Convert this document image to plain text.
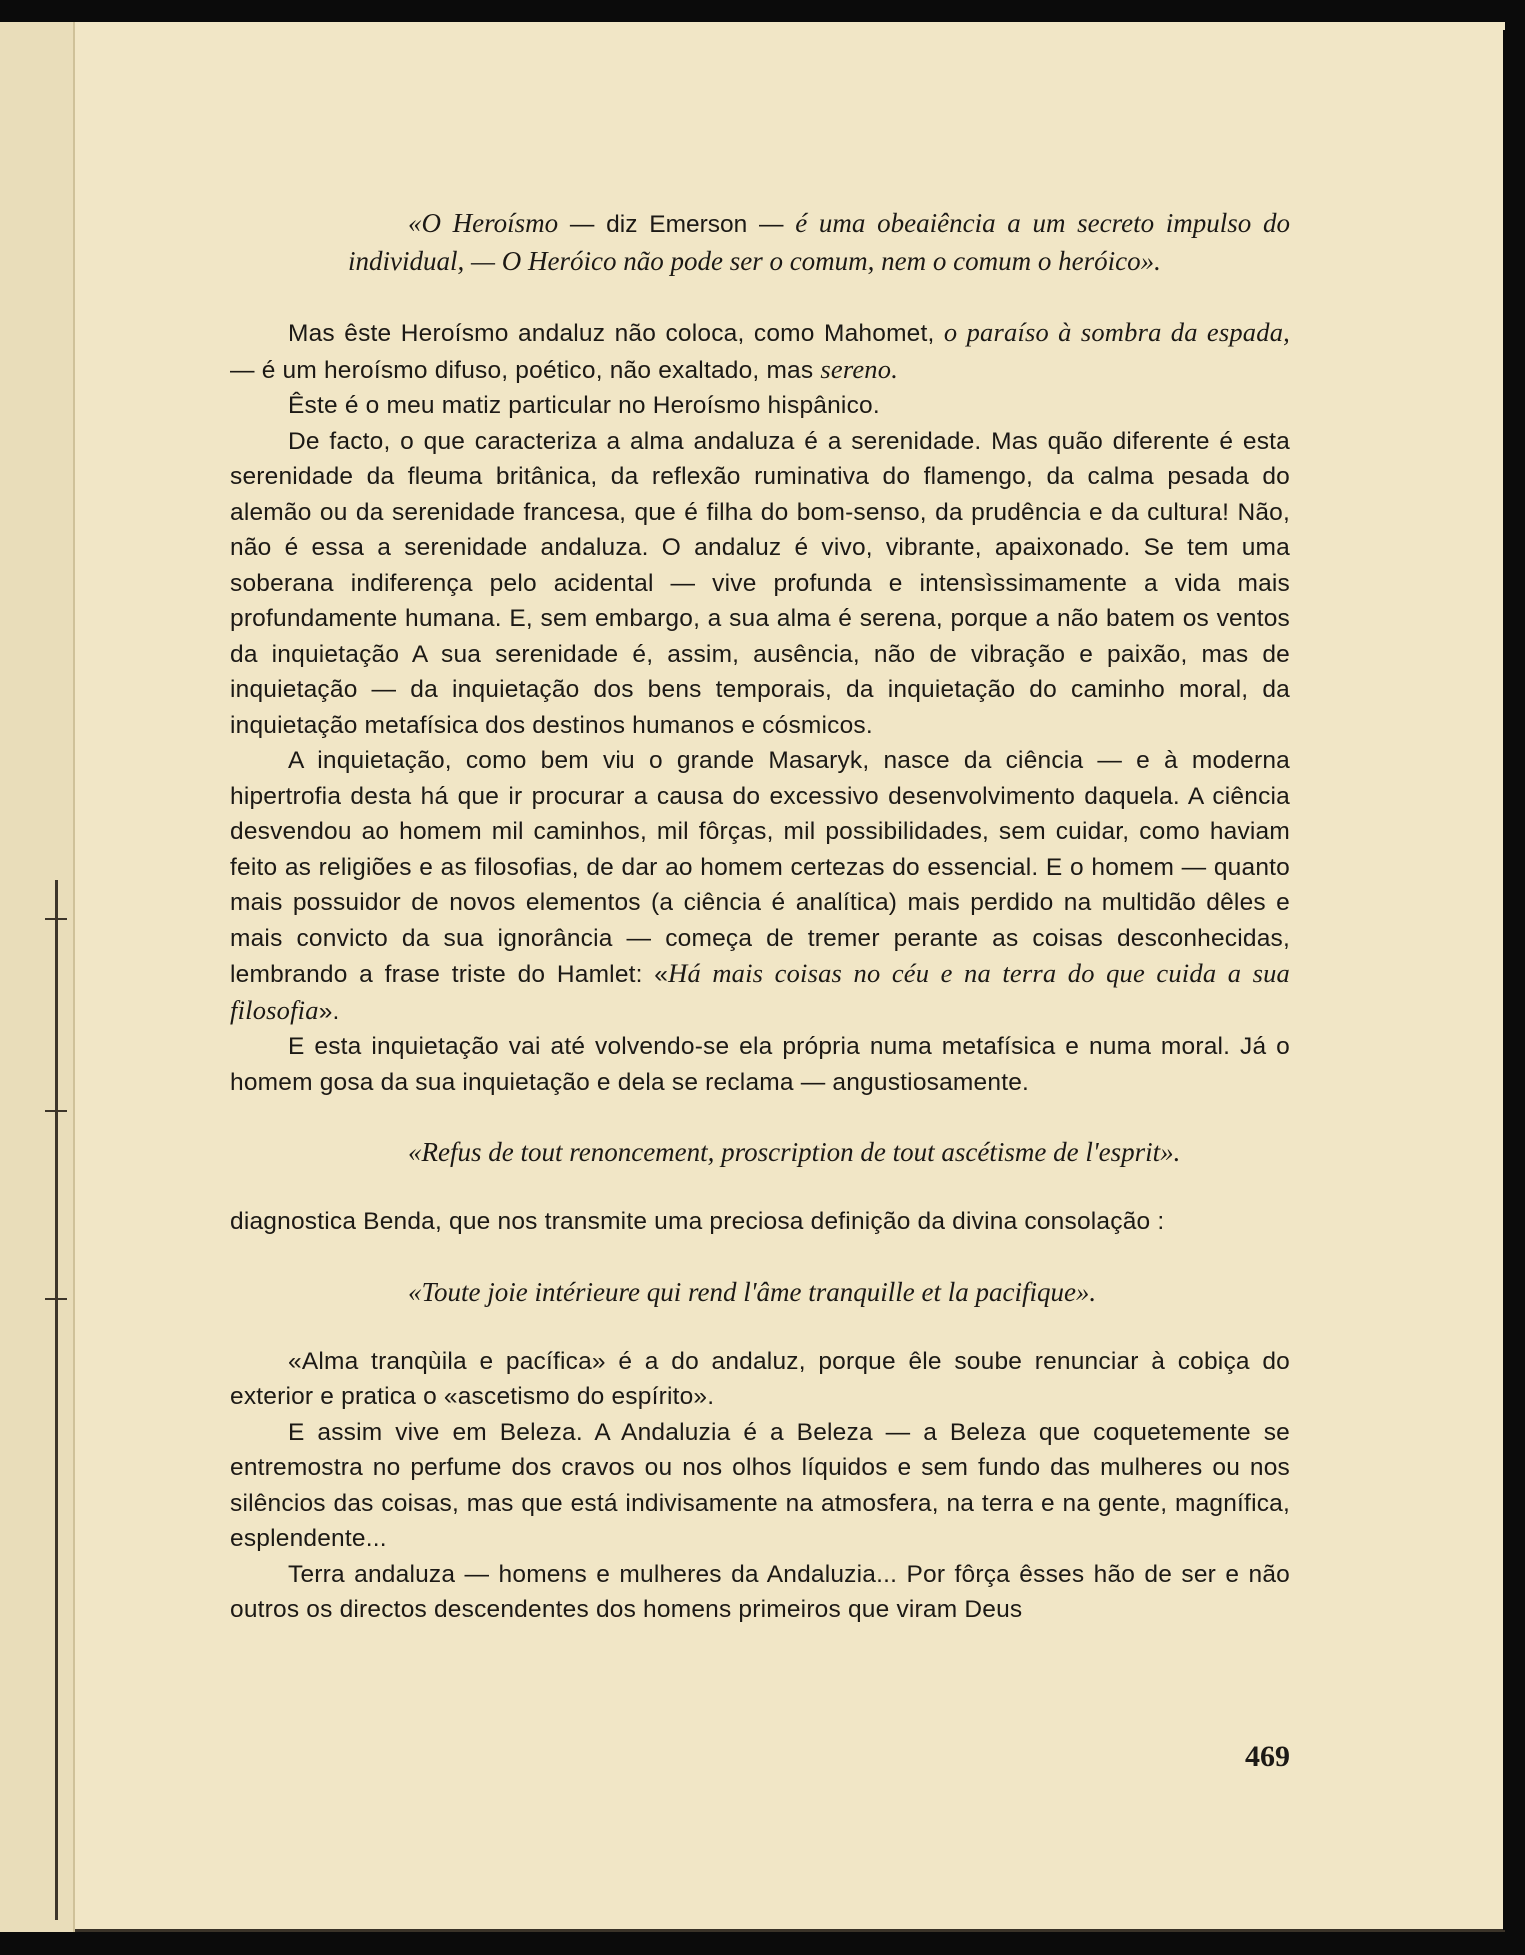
«O Heroísmo — diz Emerson — é uma obeaiência a um secreto impulso do individual, — O Heróico não pode ser o comum, nem o comum o heróico».

Mas êste Heroísmo andaluz não coloca, como Mahomet, o paraíso à sombra da espada, — é um heroísmo difuso, poético, não exaltado, mas sereno.

Êste é o meu matiz particular no Heroísmo hispânico.

De facto, o que caracteriza a alma andaluza é a serenidade. Mas quão diferente é esta serenidade da fleuma britânica, da reflexão ruminativa do flamengo, da calma pesada do alemão ou da serenidade francesa, que é filha do bom-senso, da prudência e da cultura! Não, não é essa a serenidade andaluza. O andaluz é vivo, vibrante, apaixonado. Se tem uma soberana indiferença pelo acidental — vive profunda e intensìssimamente a vida mais profundamente humana. E, sem embargo, a sua alma é serena, porque a não batem os ventos da inquietação A sua serenidade é, assim, ausência, não de vibração e paixão, mas de inquietação — da inquietação dos bens temporais, da inquietação do caminho moral, da inquietação metafísica dos destinos humanos e cósmicos.

A inquietação, como bem viu o grande Masaryk, nasce da ciência — e à moderna hipertrofia desta há que ir procurar a causa do excessivo desenvolvimento daquela. A ciência desvendou ao homem mil caminhos, mil fôrças, mil possibilidades, sem cuidar, como haviam feito as religiões e as filosofias, de dar ao homem certezas do essencial. E o homem — quanto mais possuidor de novos elementos (a ciência é analítica) mais perdido na multidão dêles e mais convicto da sua ignorância — começa de tremer perante as coisas desconhecidas, lembrando a frase triste do Hamlet: «Há mais coisas no céu e na terra do que cuida a sua filosofia».

E esta inquietação vai até volvendo-se ela própria numa metafísica e numa moral. Já o homem gosa da sua inquietação e dela se reclama — angustiosamente.

«Refus de tout renoncement, proscription de tout ascétisme de l'esprit».

diagnostica Benda, que nos transmite uma preciosa definição da divina consolação :

«Toute joie intérieure qui rend l'âme tranquille et la pacifique».

«Alma tranqùila e pacífica» é a do andaluz, porque êle soube renunciar à cobiça do exterior e pratica o «ascetismo do espírito».

E assim vive em Beleza. A Andaluzia é a Beleza — a Beleza que coquetemente se entremostra no perfume dos cravos ou nos olhos líquidos e sem fundo das mulheres ou nos silêncios das coisas, mas que está indivisamente na atmosfera, na terra e na gente, magnífica, esplendente...

Terra andaluza — homens e mulheres da Andaluzia... Por fôrça êsses hão de ser e não outros os directos descendentes dos homens primeiros que viram Deus

469
